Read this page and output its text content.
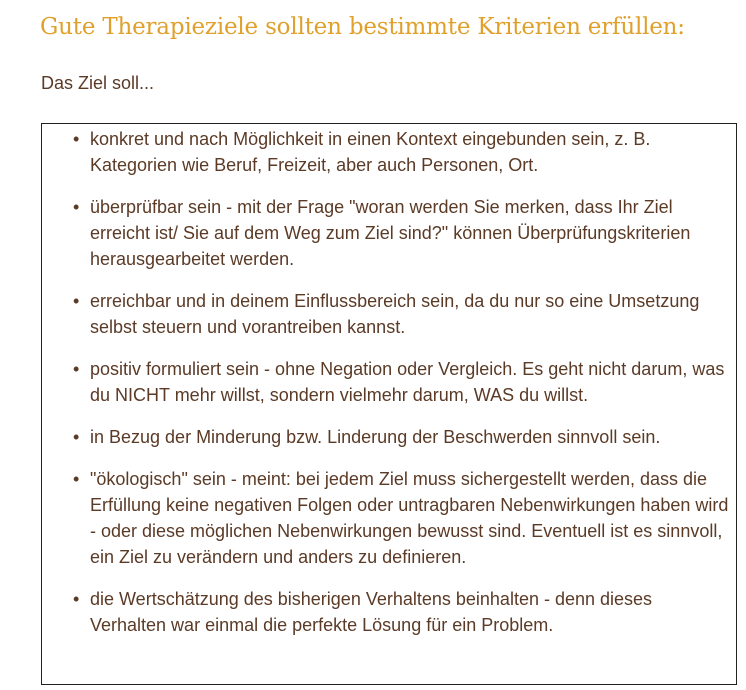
Gute Therapieziele sollten bestimmte Kriterien erfüllen:

Das Ziel soll...

• konkret und nach Möglichkeit in einen Kontext eingebunden sein, z. B. Kategorien wie Beruf, Freizeit, aber auch Personen, Ort.
• überprüfbar sein - mit der Frage "woran werden Sie merken, dass Ihr Ziel erreicht ist/ Sie auf dem Weg zum Ziel sind?" können Überprüfungskriterien herausgearbeitet werden.
• erreichbar und in deinem Einflussbereich sein, da du nur so eine Umsetzung selbst steuern und vorantreiben kannst.
• positiv formuliert sein - ohne Negation oder Vergleich. Es geht nicht darum, was du NICHT mehr willst, sondern vielmehr darum, WAS du willst.
• in Bezug der Minderung bzw. Linderung der Beschwerden sinnvoll sein.
• "ökologisch" sein - meint: bei jedem Ziel muss sichergestellt werden, dass die Erfüllung keine negativen Folgen oder untragbaren Nebenwirkungen haben wird - oder diese möglichen Nebenwirkungen bewusst sind. Eventuell ist es sinnvoll, ein Ziel zu verändern und anders zu definieren.
• die Wertschätzung des bisherigen Verhaltens beinhalten - denn dieses Verhalten war einmal die perfekte Lösung für ein Problem.
